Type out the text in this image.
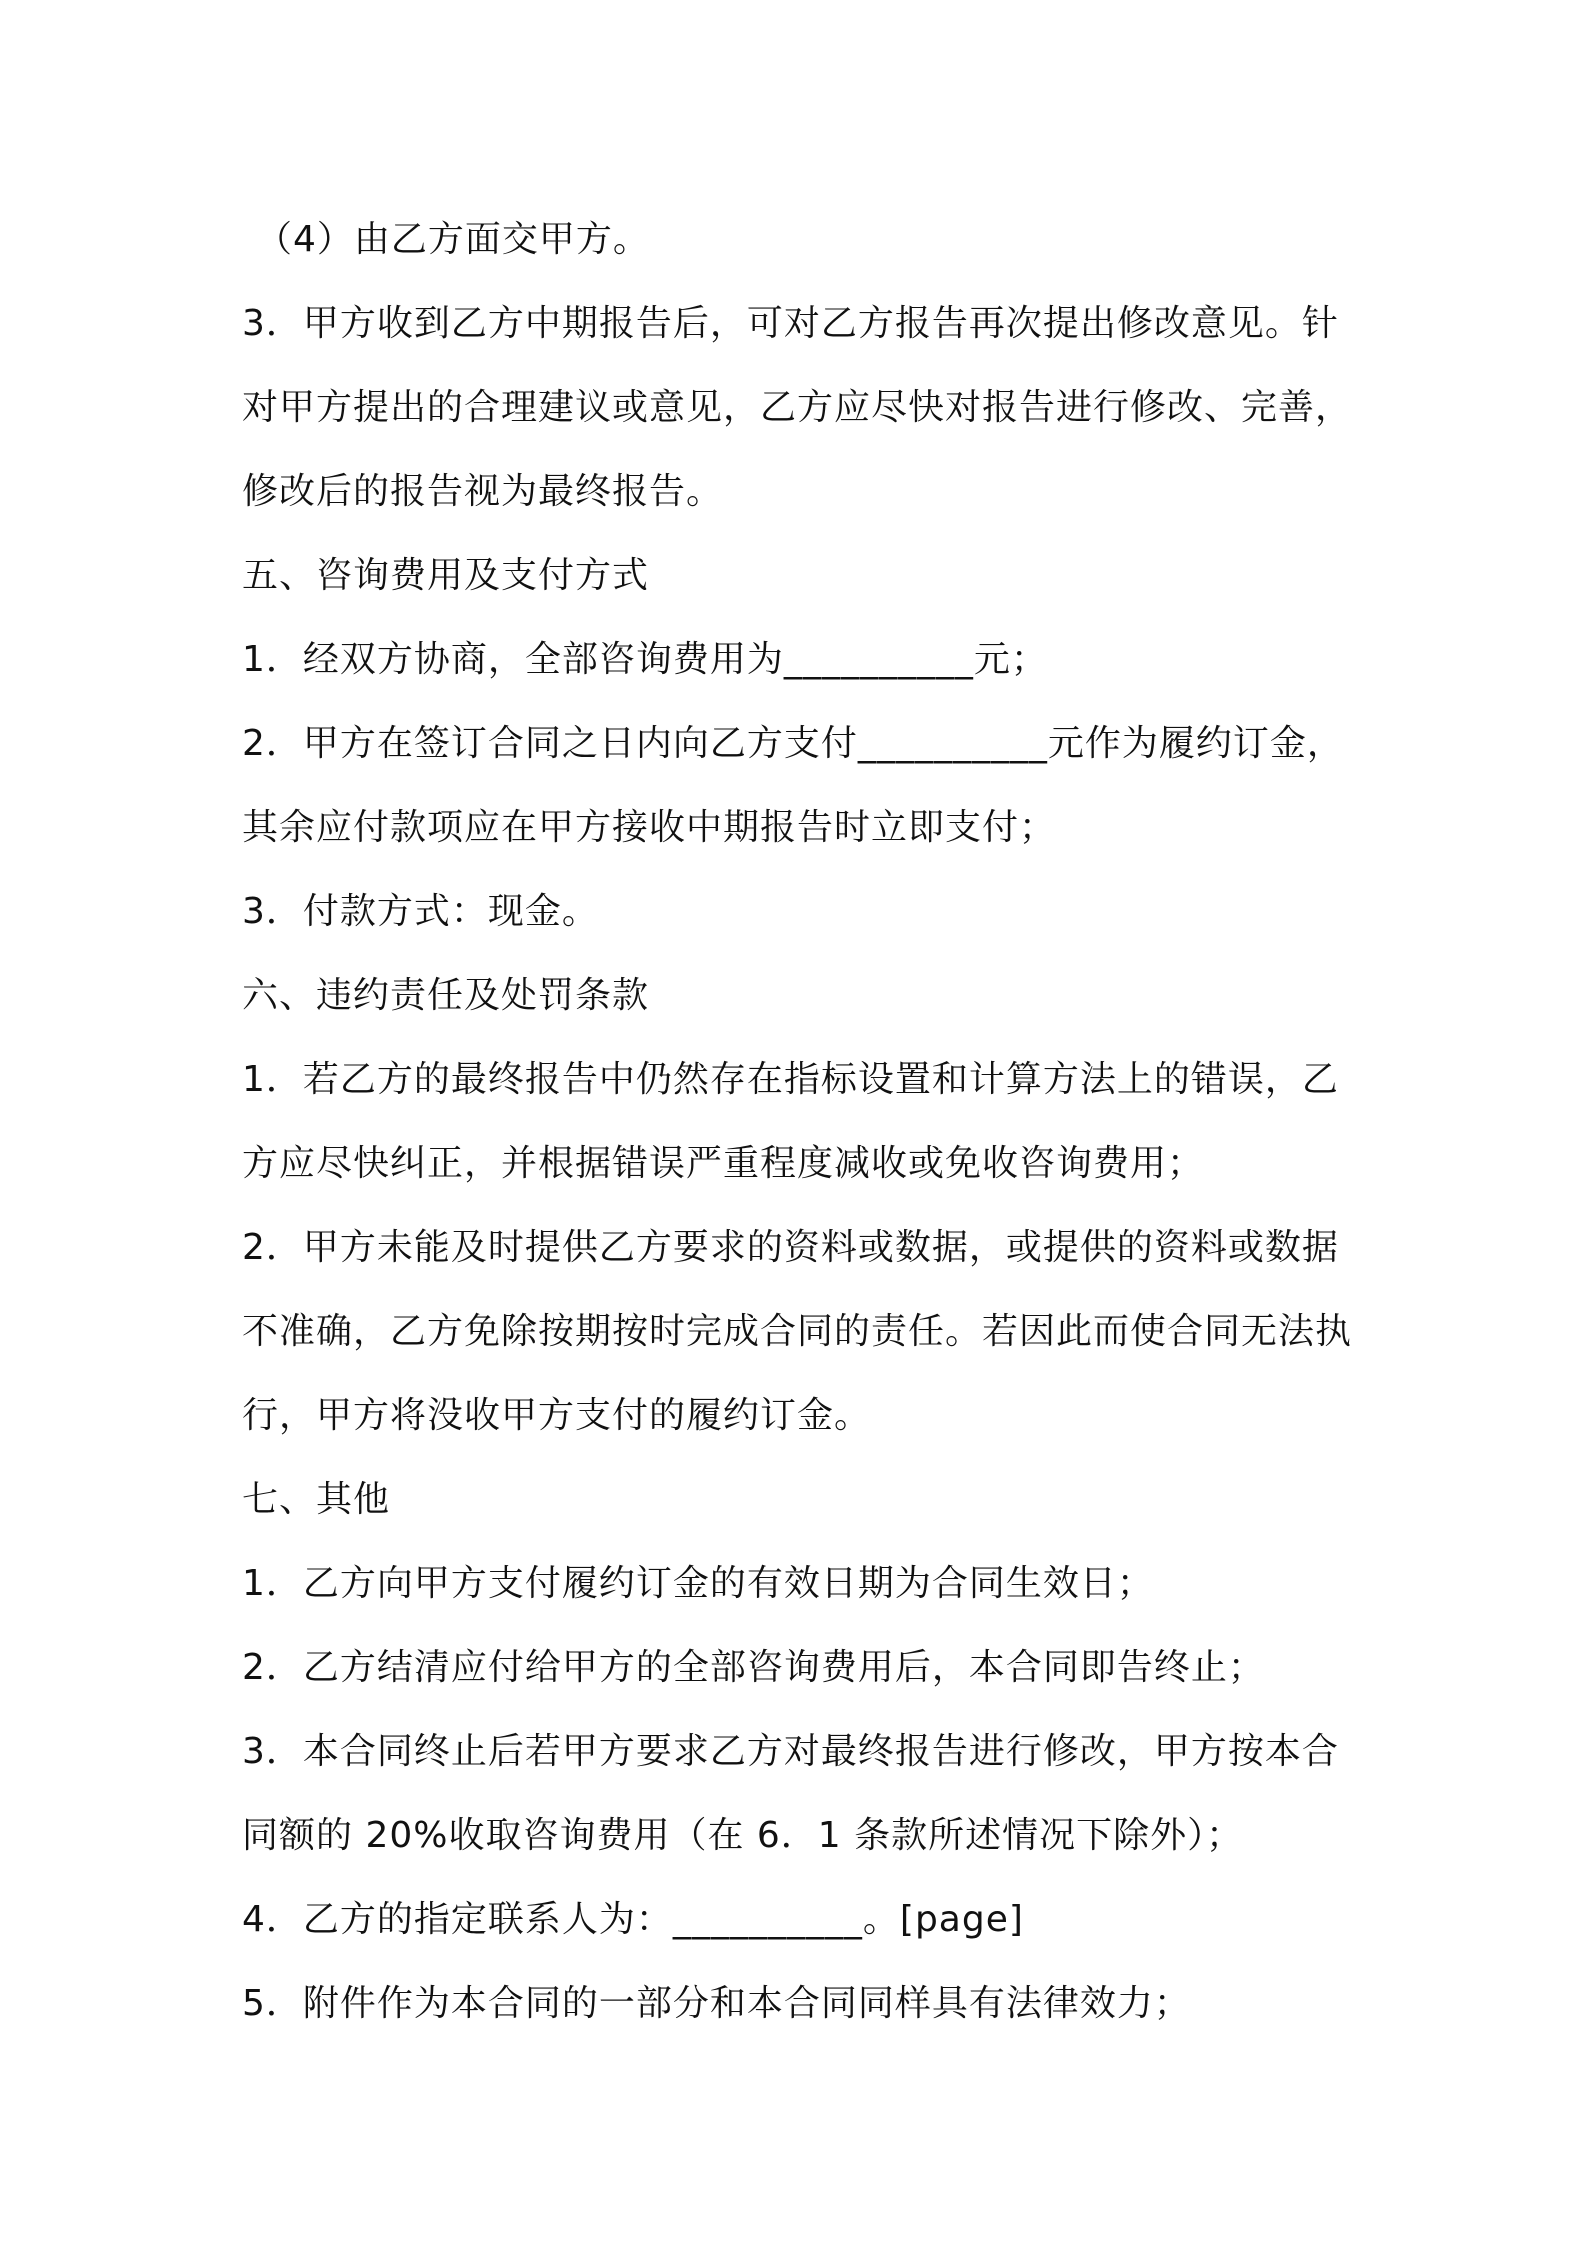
（4）由乙方面交甲方。

3．甲方收到乙方中期报告后，可对乙方报告再次提出修改意见。针对甲方提出的合理建议或意见，乙方应尽快对报告进行修改、完善，修改后的报告视为最终报告。

五、咨询费用及支付方式

1．经双方协商，全部咨询费用为__________元；

2．甲方在签订合同之日内向乙方支付__________元作为履约订金，其余应付款项应在甲方接收中期报告时立即支付；

3．付款方式：现金。

六、违约责任及处罚条款

1．若乙方的最终报告中仍然存在指标设置和计算方法上的错误，乙方应尽快纠正，并根据错误严重程度减收或免收咨询费用；

2．甲方未能及时提供乙方要求的资料或数据，或提供的资料或数据不准确，乙方免除按期按时完成合同的责任。若因此而使合同无法执行，甲方将没收甲方支付的履约订金。

七、其他

1．乙方向甲方支付履约订金的有效日期为合同生效日；

2．乙方结清应付给甲方的全部咨询费用后，本合同即告终止；

3．本合同终止后若甲方要求乙方对最终报告进行修改，甲方按本合同额的 20%收取咨询费用（在 6．1 条款所述情况下除外）；

4．乙方的指定联系人为：__________。[page]

5．附件作为本合同的一部分和本合同同样具有法律效力；
